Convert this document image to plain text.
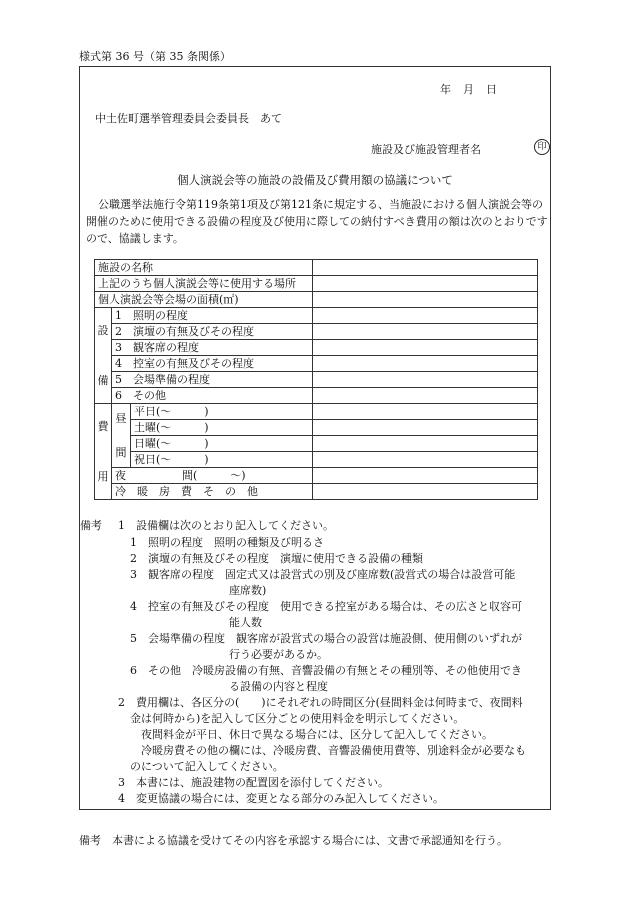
様式第 36 号（第 35 条関係）
年　月　日
中土佐町選挙管理委員会委員長　あて
施設及び施設管理者名	印
個人演説会等の施設の設備及び費用額の協議について
公職選挙法施行令第119条第1項及び第121条に規定する、当施設における個人演説会等の開催のために使用できる設備の程度及び使用に際しての納付すべき費用の額は次のとおりですので、協議します。
施設の名称			
上記のうち個人演説会等に使用する場所			
個人演説会等会場の面積(㎡)			

設
備	1　 照明の程度		
	2　 演壇の有無及びその程度		
	3　 観客席の程度		
	4　 控室の有無及びその程度		
	5　 会場準備の程度		
	6　 その他		

費
用	昼
間	平日(～　　　)	
		土曜(～　　　)	
		日曜(～　　　)	
		祝日(～　　　)	
	夜 間(　　　～)		
	冷　暖　房　費　そ　の　他		
備考 1　設備欄は次のとおり記入してください。
1　照明の程度　照明の種類及び明るさ
2　演壇の有無及びその程度　演壇に使用できる設備の種類
3　観客席の程度　固定式又は設営式の別及び座席数(設営式の場合は設営可能
座席数)
4　控室の有無及びその程度　使用できる控室がある場合は、その広さと収容可
能人数
5　会場準備の程度　観客席が設営式の場合の設営は施設側、使用側のいずれが
行う必要があるか。
6　その他　冷暖房設備の有無、音響設備の有無とその種別等、その他使用でき
る設備の内容と程度
2　費用欄は、各区分の(　　)にそれぞれの時間区分(昼間料金は何時まで、夜間料
金は何時から)を記入して区分ごとの使用料金を明示してください。
夜間料金が平日、休日で異なる場合には、区分して記入してください。
冷暖房費その他の欄には、冷暖房費、音響設備使用費等、別途料金が必要なも
のについて記入してください。
3　本書には、施設建物の配置図を添付してください。
4　変更協議の場合には、変更となる部分のみ記入してください。
備考　本書による協議を受けてその内容を承認する場合には、文書で承認通知を行う。
